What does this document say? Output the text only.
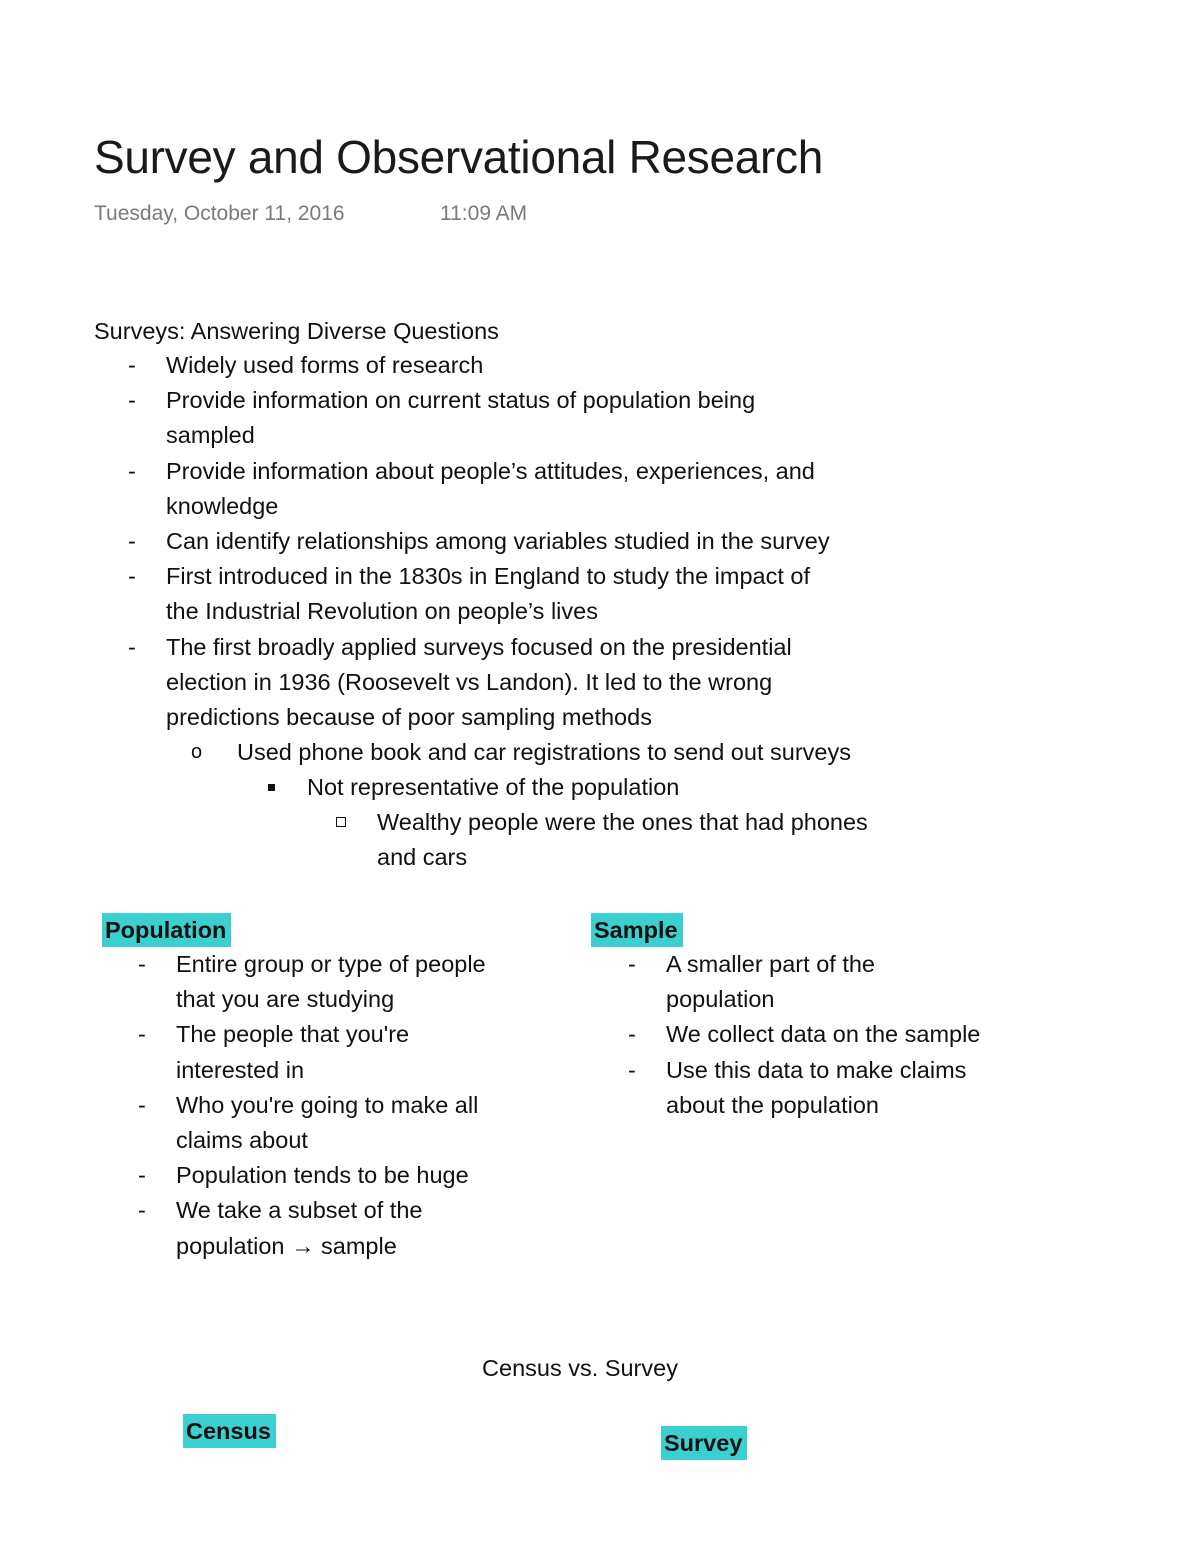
Survey and Observational Research
Tuesday, October 11, 2016	11:09 AM
Surveys: Answering Diverse Questions
- Widely used forms of research
- Provide information on current status of population being
sampled
- Provide information about people’s attitudes, experiences, and
knowledge
- Can identify relationships among variables studied in the survey
- First introduced in the 1830s in England to study the impact of
the Industrial Revolution on people’s lives
- The first broadly applied surveys focused on the presidential
election in 1936 (Roosevelt vs Landon). It led to the wrong
predictions because of poor sampling methods
o Used phone book and car registrations to send out surveys
Not representative of the population
Wealthy people were the ones that had phones
and cars
Population
- Entire group or type of people
that you are studying
- The people that you're
interested in
- Who you're going to make all
claims about
- Population tends to be huge
- We take a subset of the
population → sample
Sample
- A smaller part of the
population
- We collect data on the sample
- Use this data to make claims
about the population
Census vs. Survey
Census	Survey
